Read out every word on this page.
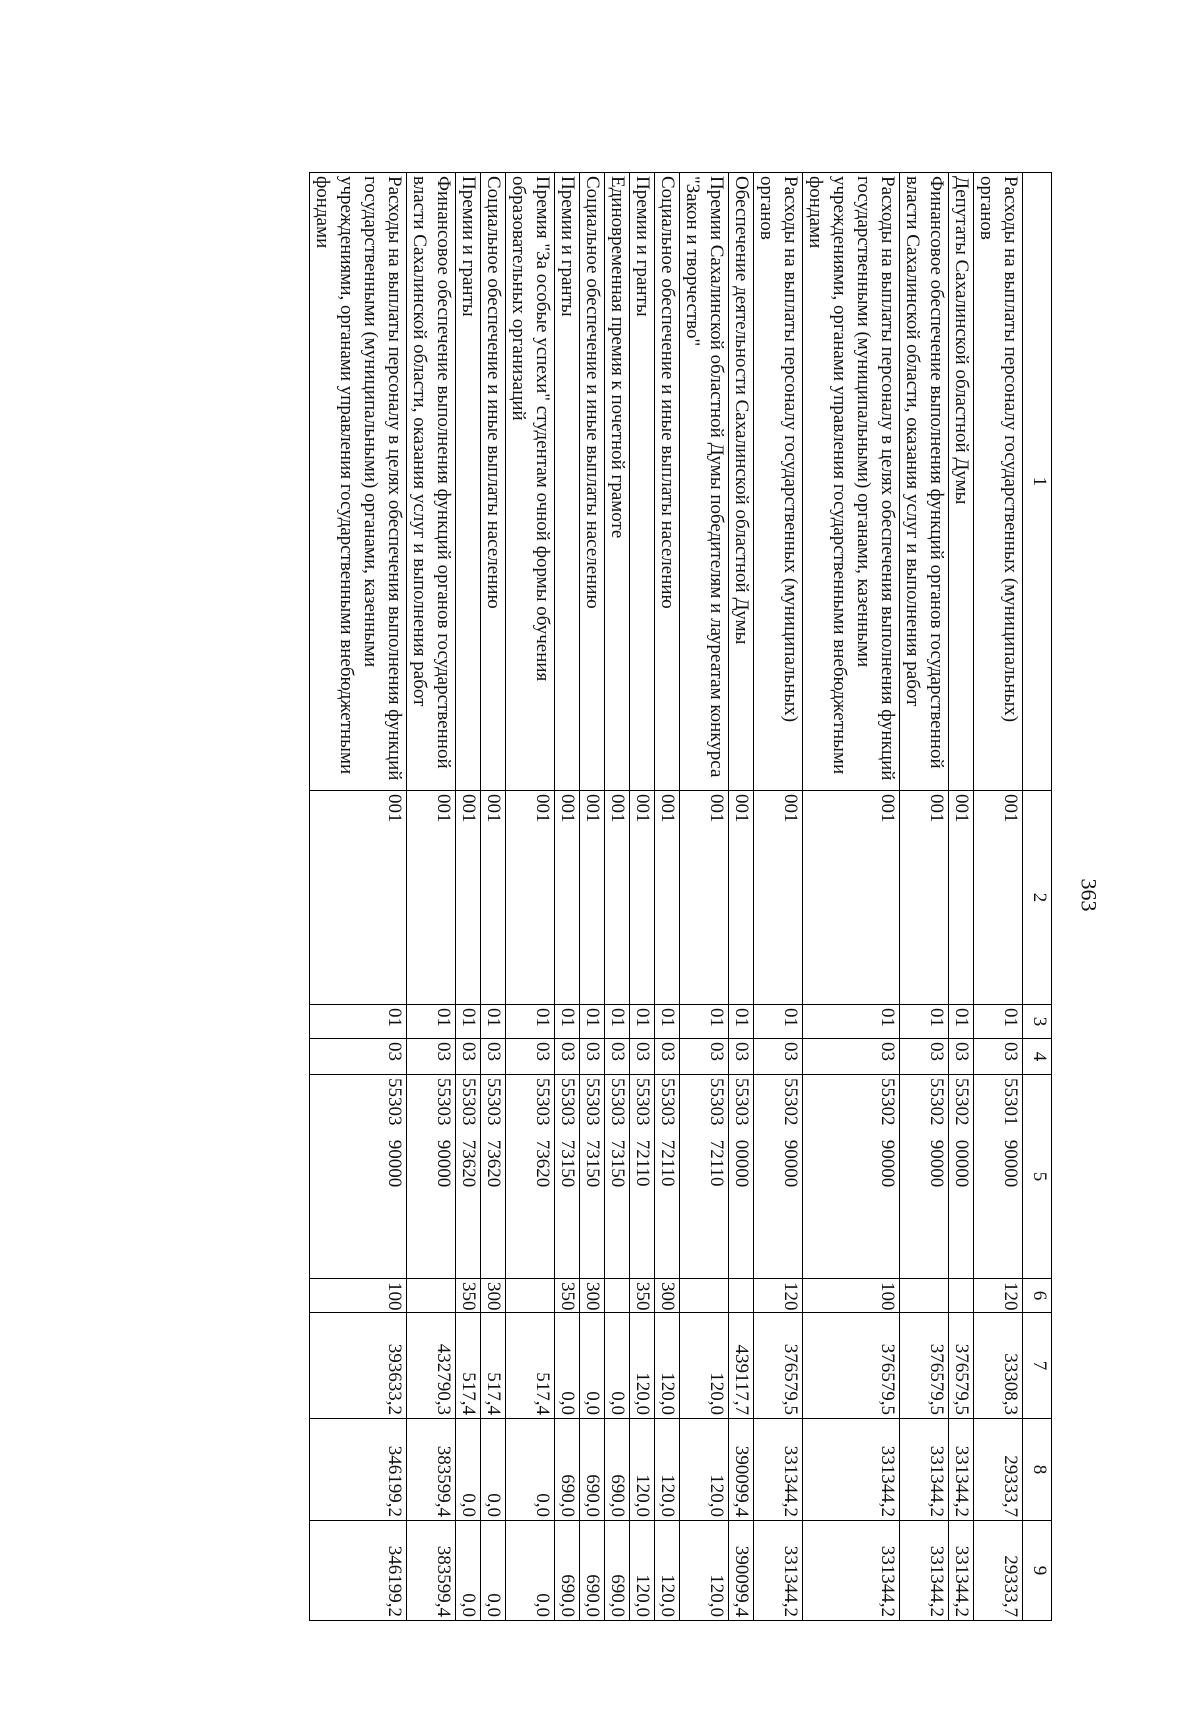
363
1	2	3	4	5	6	7	8	9
Расходы на выплаты персоналу государственных (муниципальных) органов	001	01	03	55301   90000	120	33308,3	29333,7	29333,7
Депутаты Сахалинской областной Думы	001	01	03	55302   00000		376579,5	331344,2	331344,2
Финансовое обеспечение выполнения функций органов государственной власти Сахалинской области, оказания услуг и выполнения работ	001	01	03	55302   90000		376579,5	331344,2	331344,2
Расходы на выплаты персоналу в целях обеспечения выполнения функций государственными (муниципальными) органами, казенными учреждениями, органами управления государственными внебюджетными фондами	001	01	03	55302   90000	100	376579,5	331344,2	331344,2
Расходы на выплаты персоналу государственных (муниципальных) органов	001	01	03	55302   90000	120	376579,5	331344,2	331344,2
Обеспечение деятельности Сахалинской областной Думы	001	01	03	55303   00000		439117,7	390099,4	390099,4
Премии Сахалинской областной Думы победителям и лауреатам конкурса "Закон и творчество"	001	01	03	55303   72110		120,0	120,0	120,0
Социальное обеспечение и иные выплаты населению	001	01	03	55303   72110	300	120,0	120,0	120,0
Премии и гранты	001	01	03	55303   72110	350	120,0	120,0	120,0
Единовременная премия к почетной грамоте	001	01	03	55303   73150		0,0	690,0	690,0
Социальное обеспечение и иные выплаты населению	001	01	03	55303   73150	300	0,0	690,0	690,0
Премии и гранты	001	01	03	55303   73150	350	0,0	690,0	690,0
Премия "За особые успехи" студентам очной формы обучения образовательных организаций	001	01	03	55303   73620		517,4	0,0	0,0
Социальное обеспечение и иные выплаты населению	001	01	03	55303   73620	300	517,4	0,0	0,0
Премии и гранты	001	01	03	55303   73620	350	517,4	0,0	0,0
Финансовое обеспечение выполнения функций органов государственной власти Сахалинской области, оказания услуг и выполнения работ	001	01	03	55303   90000		432790,3	383599,4	383599,4
Расходы на выплаты персоналу в целях обеспечения выполнения функций государственными (муниципальными) органами, казенными учреждениями, органами управления государственными внебюджетными фондами	001	01	03	55303   90000	100	393633,2	346199,2	346199,2
